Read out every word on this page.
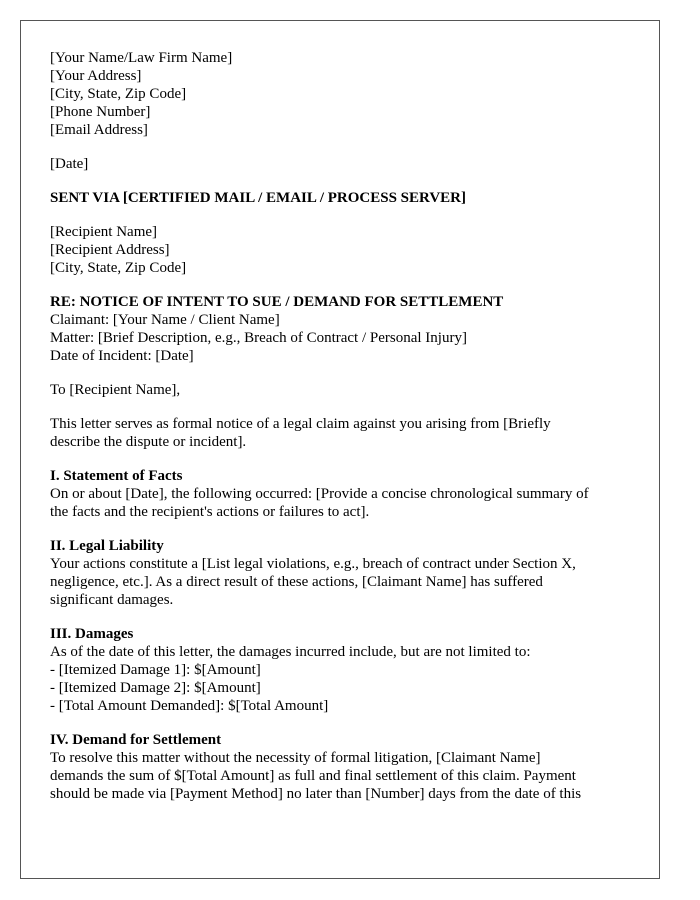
[Your Name/Law Firm Name]
[Your Address]
[City, State, Zip Code]
[Phone Number]
[Email Address]
[Date]
SENT VIA [CERTIFIED MAIL / EMAIL / PROCESS SERVER]
[Recipient Name]
[Recipient Address]
[City, State, Zip Code]
RE: NOTICE OF INTENT TO SUE / DEMAND FOR SETTLEMENT
Claimant: [Your Name / Client Name]
Matter: [Brief Description, e.g., Breach of Contract / Personal Injury]
Date of Incident: [Date]
To [Recipient Name],
This letter serves as formal notice of a legal claim against you arising from [Briefly
describe the dispute or incident].
I. Statement of Facts
On or about [Date], the following occurred: [Provide a concise chronological summary of
the facts and the recipient's actions or failures to act].
II. Legal Liability
Your actions constitute a [List legal violations, e.g., breach of contract under Section X,
negligence, etc.]. As a direct result of these actions, [Claimant Name] has suffered
significant damages.
III. Damages
As of the date of this letter, the damages incurred include, but are not limited to:
- [Itemized Damage 1]: $[Amount]
- [Itemized Damage 2]: $[Amount]
- [Total Amount Demanded]: $[Total Amount]
IV. Demand for Settlement
To resolve this matter without the necessity of formal litigation, [Claimant Name]
demands the sum of $[Total Amount] as full and final settlement of this claim. Payment
should be made via [Payment Method] no later than [Number] days from the date of this
